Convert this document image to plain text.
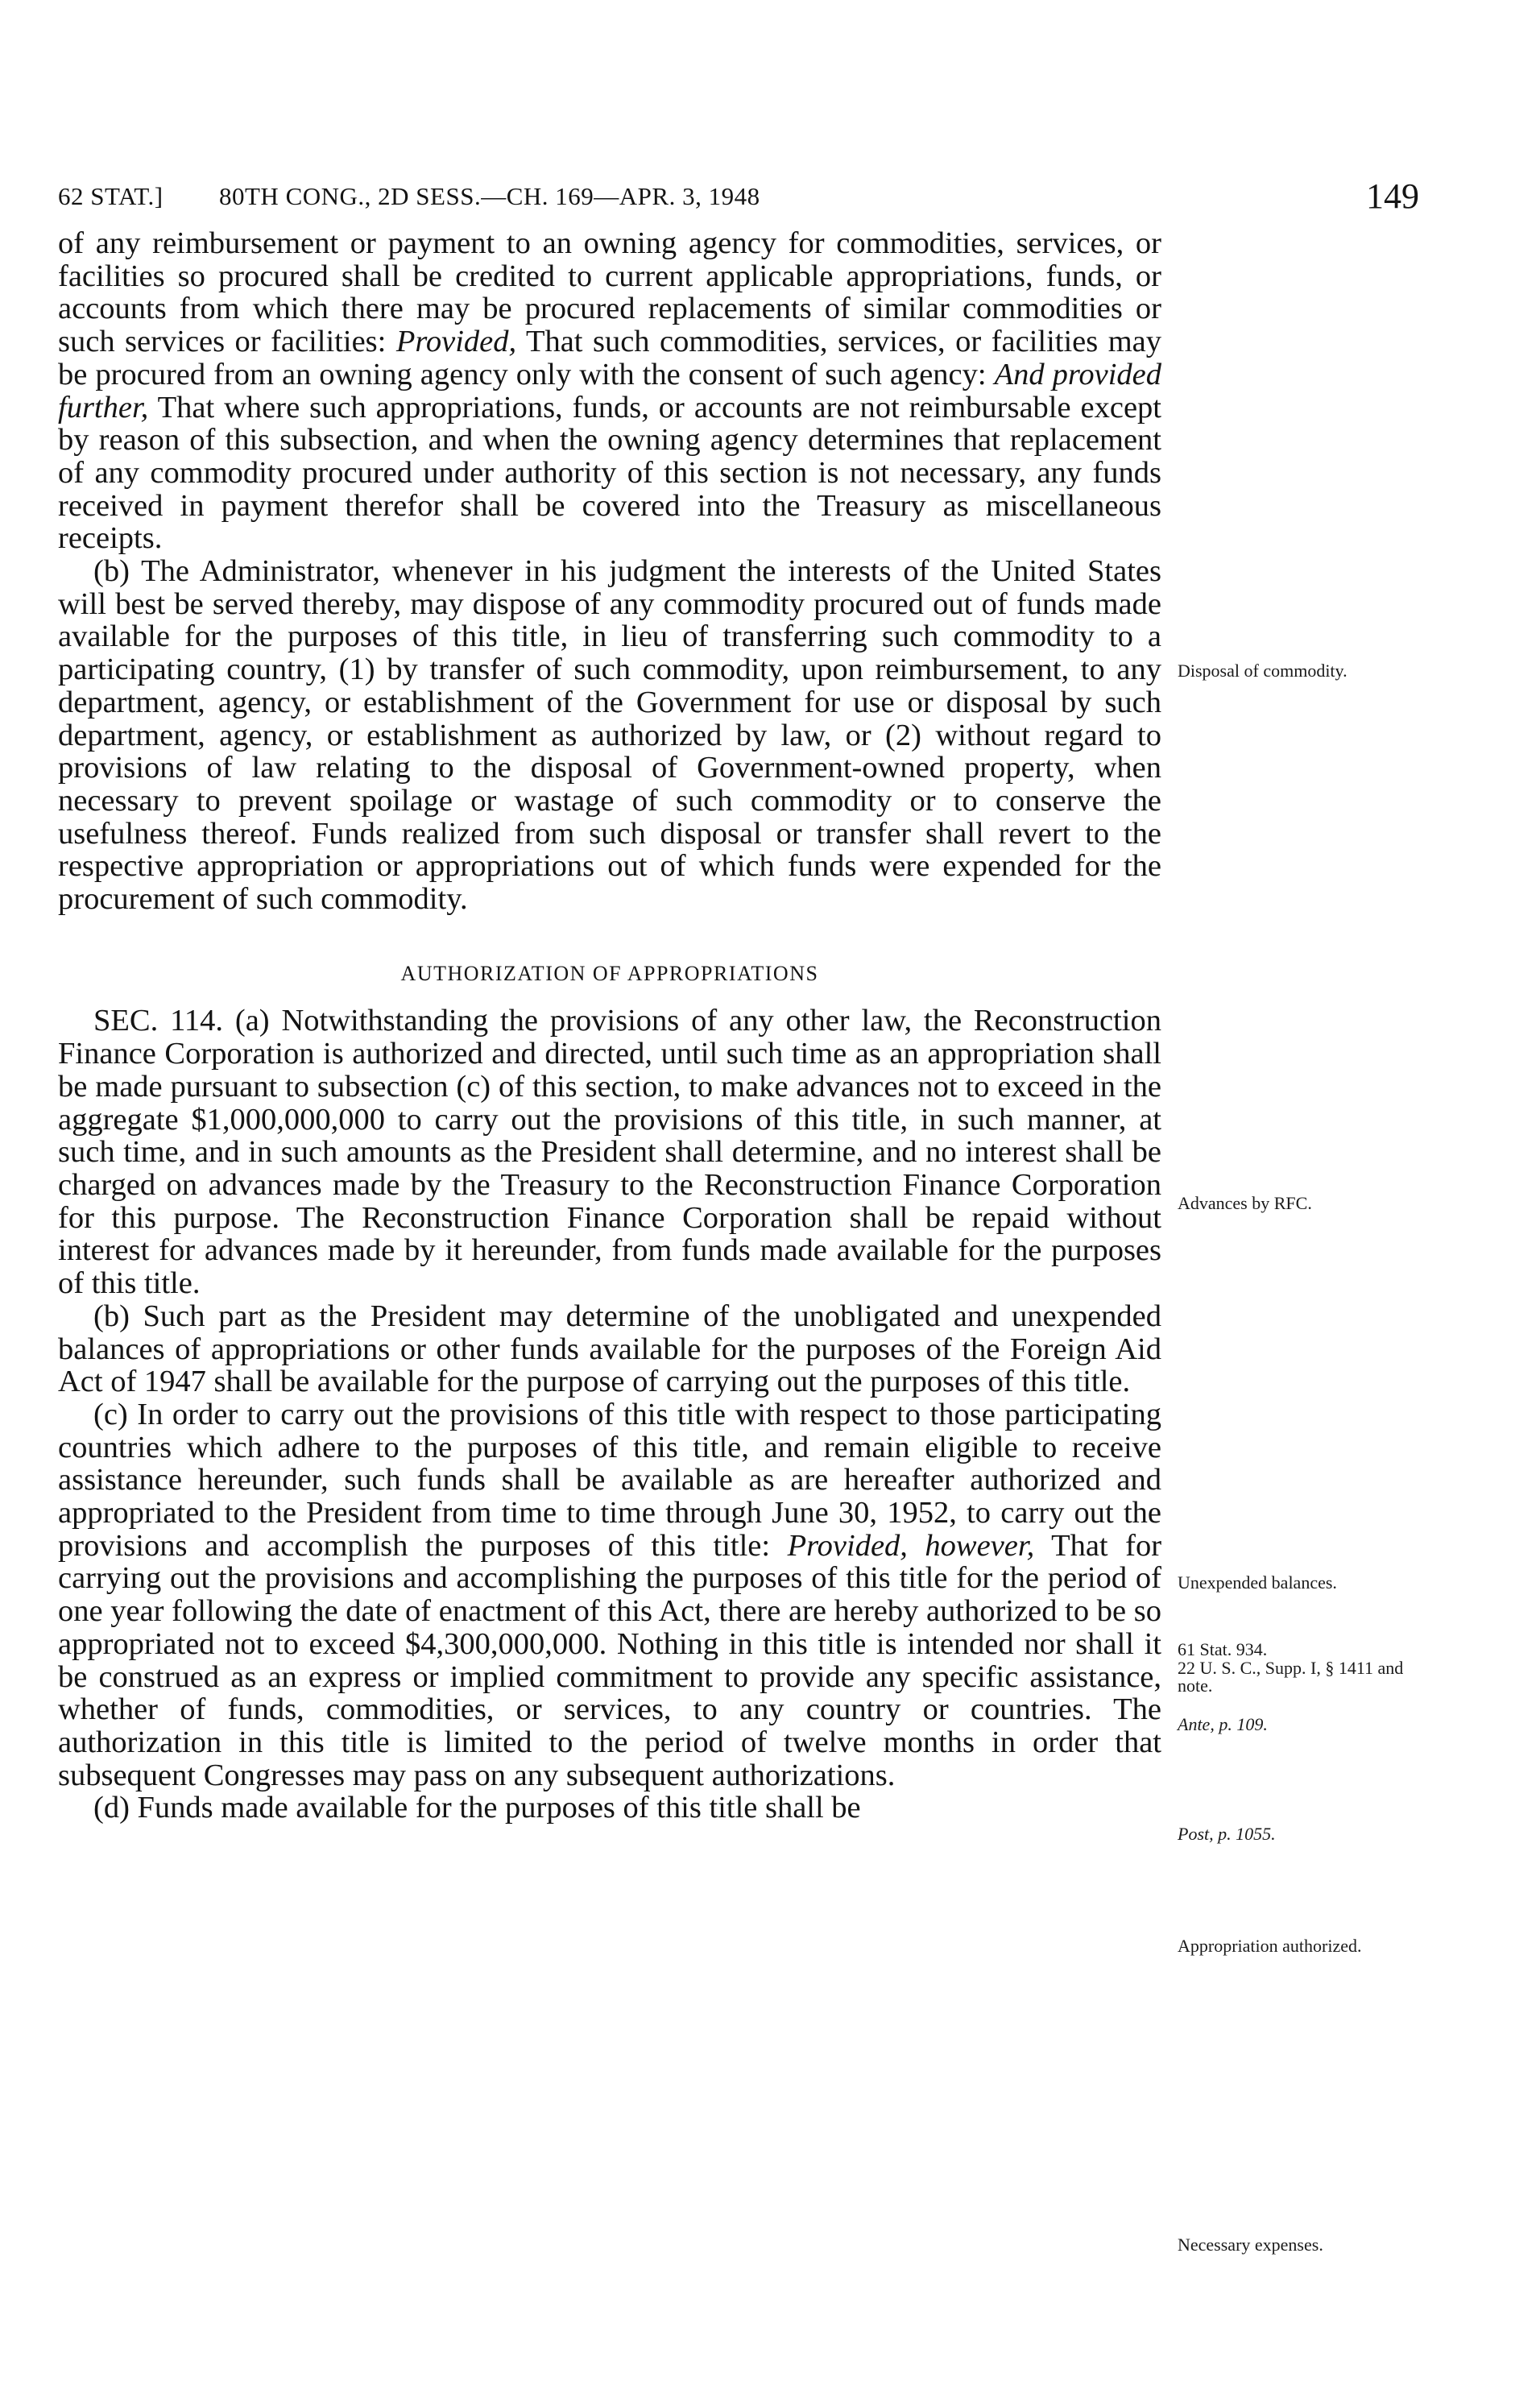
62 STAT.] 80TH CONG., 2D SESS.—CH. 169—APR. 3, 1948	149

of any reimbursement or payment to an owning agency for commodities, services, or facilities so procured shall be credited to current applicable appropriations, funds, or accounts from which there may be procured replacements of similar commodities or such services or facilities: Provided, That such commodities, services, or facilities may be procured from an owning agency only with the consent of such agency: And provided further, That where such appropriations, funds, or accounts are not reimbursable except by reason of this subsection, and when the owning agency determines that replacement of any commodity procured under authority of this section is not necessary, any funds received in payment therefor shall be covered into the Treasury as miscellaneous receipts.

(b) The Administrator, whenever in his judgment the interests of the United States will best be served thereby, may dispose of any commodity procured out of funds made available for the purposes of this title, in lieu of transferring such commodity to a participating country, (1) by transfer of such commodity, upon reimbursement, to any department, agency, or establishment of the Government for use or disposal by such department, agency, or establishment as authorized by law, or (2) without regard to provisions of law relating to the disposal of Government-owned property, when necessary to prevent spoilage or wastage of such commodity or to conserve the usefulness thereof. Funds realized from such disposal or transfer shall revert to the respective appropriation or appropriations out of which funds were expended for the procurement of such commodity.

AUTHORIZATION OF APPROPRIATIONS

SEC. 114. (a) Notwithstanding the provisions of any other law, the Reconstruction Finance Corporation is authorized and directed, until such time as an appropriation shall be made pursuant to subsection (c) of this section, to make advances not to exceed in the aggregate $1,000,000,000 to carry out the provisions of this title, in such manner, at such time, and in such amounts as the President shall determine, and no interest shall be charged on advances made by the Treasury to the Reconstruction Finance Corporation for this purpose. The Reconstruction Finance Corporation shall be repaid without interest for advances made by it hereunder, from funds made available for the purposes of this title.

(b) Such part as the President may determine of the unobligated and unexpended balances of appropriations or other funds available for the purposes of the Foreign Aid Act of 1947 shall be available for the purpose of carrying out the purposes of this title.

(c) In order to carry out the provisions of this title with respect to those participating countries which adhere to the purposes of this title, and remain eligible to receive assistance hereunder, such funds shall be available as are hereafter authorized and appropriated to the President from time to time through June 30, 1952, to carry out the provisions and accomplish the purposes of this title: Provided, however, That for carrying out the provisions and accomplishing the purposes of this title for the period of one year following the date of enactment of this Act, there are hereby authorized to be so appropriated not to exceed $4,300,000,000. Nothing in this title is intended nor shall it be construed as an express or implied commitment to provide any specific assistance, whether of funds, commodities, or services, to any country or countries. The authorization in this title is limited to the period of twelve months in order that subsequent Congresses may pass on any subsequent authorizations.

(d) Funds made available for the purposes of this title shall be

Disposal of commodity.
Advances by RFC.
Unexpended balances.
61 Stat. 934.
22 U. S. C., Supp. I, § 1411 and note.
Ante, p. 109.
Post, p. 1055.
Appropriation authorized.
Necessary expenses.
